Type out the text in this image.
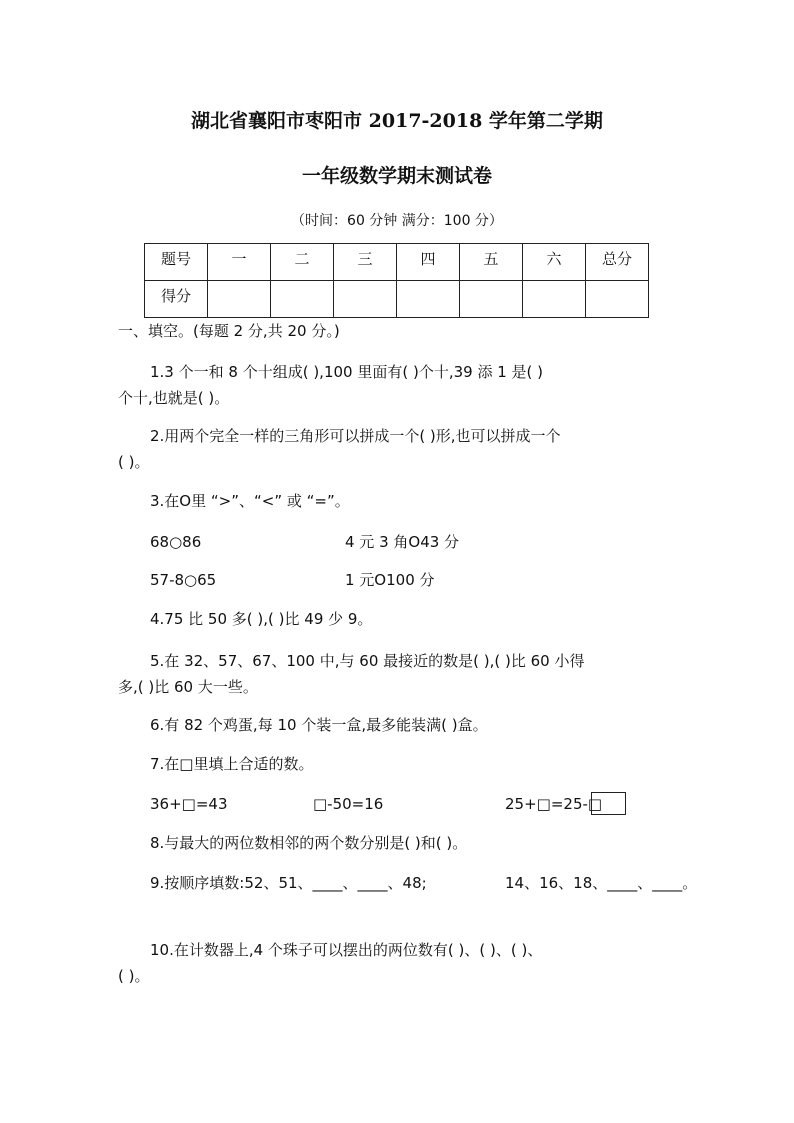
湖北省襄阳市枣阳市 2017-2018 学年第二学期
一年级数学期末测试卷
（时间：60 分钟 满分：100 分）
题号	一	二	三	四	五	六	总分
得分							
一、填空。(每题 2 分,共 20 分。)
1.3 个一和 8 个十组成( ),100 里面有( )个十,39 添 1 是( )
个十,也就是( )。
2.用两个完全一样的三角形可以拼成一个( )形,也可以拼成一个
( )。
3.在O里 “>”、“<” 或 “=”。
68○86	4 元 3 角O43 分
57-8○65	1 元O100 分
4.75 比 50 多( ),( )比 49 少 9。
5.在 32、57、67、100 中,与 60 最接近的数是( ),( )比 60 小得
多,( )比 60 大一些。
6.有 82 个鸡蛋,每 10 个装一盒,最多能装满( )盒。
7.在□里填上合适的数。
36+□=43	□-50=16	25+□=25-□
8.与最大的两位数相邻的两个数分别是( )和( )。
9.按顺序填数:52、51、____、____、48;	14、16、18、____、____。
10.在计数器上,4 个珠子可以摆出的两位数有( )、( )、( )、
( )。
